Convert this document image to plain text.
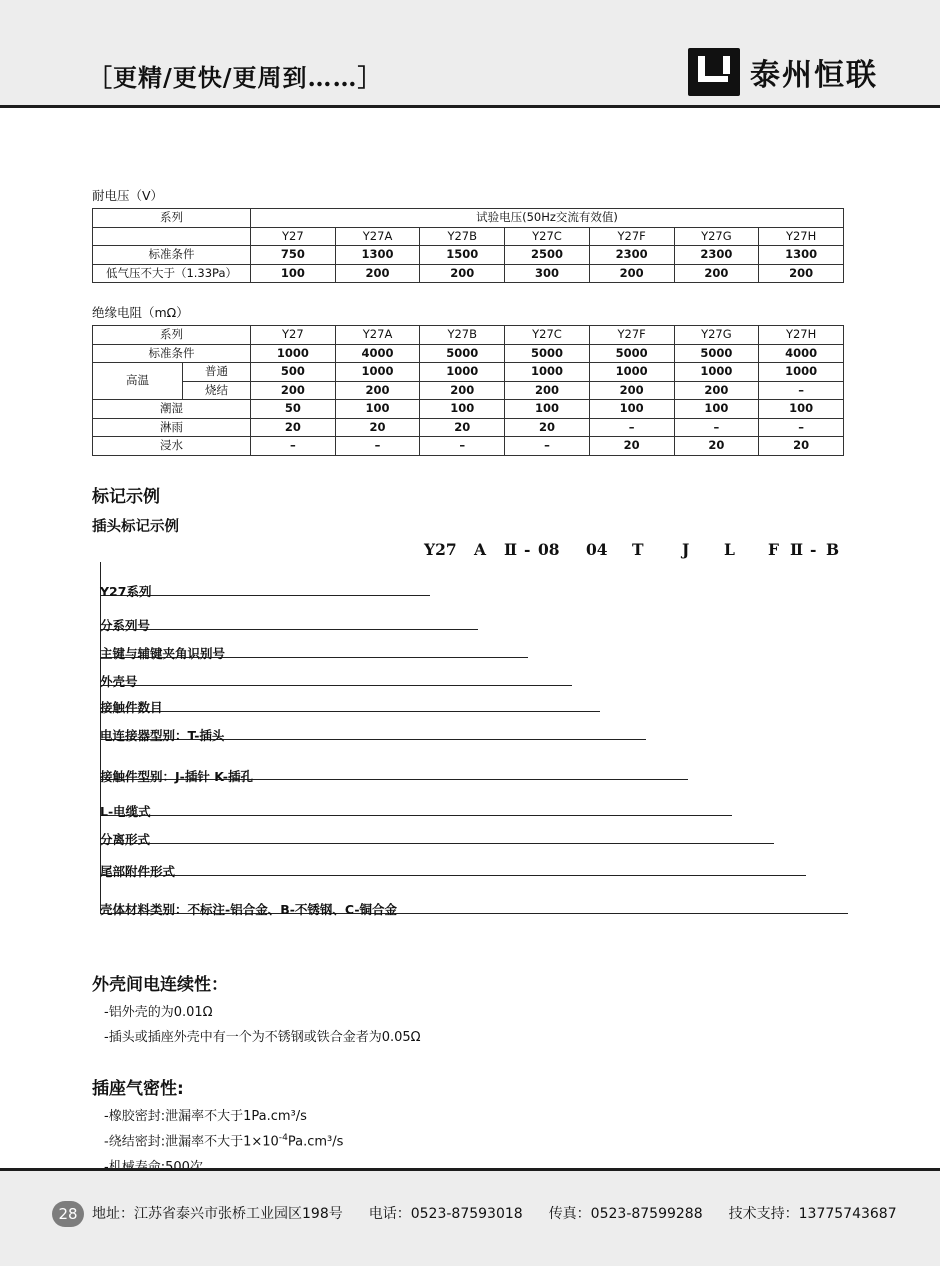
［更精/更快/更周到……］	泰州恒联
耐电压（V）
系列	试验电压(50Hz交流有效值)						
	Y27	Y27A	Y27B	Y27C	Y27F	Y27G	Y27H
标准条件	750	1300	1500	2500	2300	2300	1300
低气压不大于（1.33Pa）	100	200	200	300	200	200	200
绝缘电阻（mΩ）
系列		Y27	Y27A	Y27B	Y27C	Y27F	Y27G	Y27H
标准条件		1000	4000	5000	5000	5000	5000	4000
高温	普通	500	1000	1000	1000	1000	1000	1000
	烧结	200	200	200	200	200	200	–
潮湿		50	100	100	100	100	100	100
淋雨		20	20	20	20	–	–	–
浸水		–	–	–	–	20	20	20
标记示例
插头标记示例
Y27 A Ⅱ - 08 04 T J L F Ⅱ - B
Y27系列
分系列号
主键与辅键夹角识别号
外壳号
接触件数目
电连接器型别：T-插头
接触件型别：J-插针 K-插孔
L-电缆式
分离形式
尾部附件形式
壳体材料类别：不标注-铝合金、B-不锈钢、C-铜合金
外壳间电连续性：
-铝外壳的为0.01Ω
-插头或插座外壳中有一个为不锈钢或铁合金者为0.05Ω
插座气密性:
-橡胶密封:泄漏率不大于1Pa.cm³/s
-绕结密封:泄漏率不大于$1\times 10^{-4}Pa.cm^3/s$
28	地址：江苏省泰兴市张桥工业园区198号 电话：0523-87593018 传真：0523-87599288 技术支持：13775743687
